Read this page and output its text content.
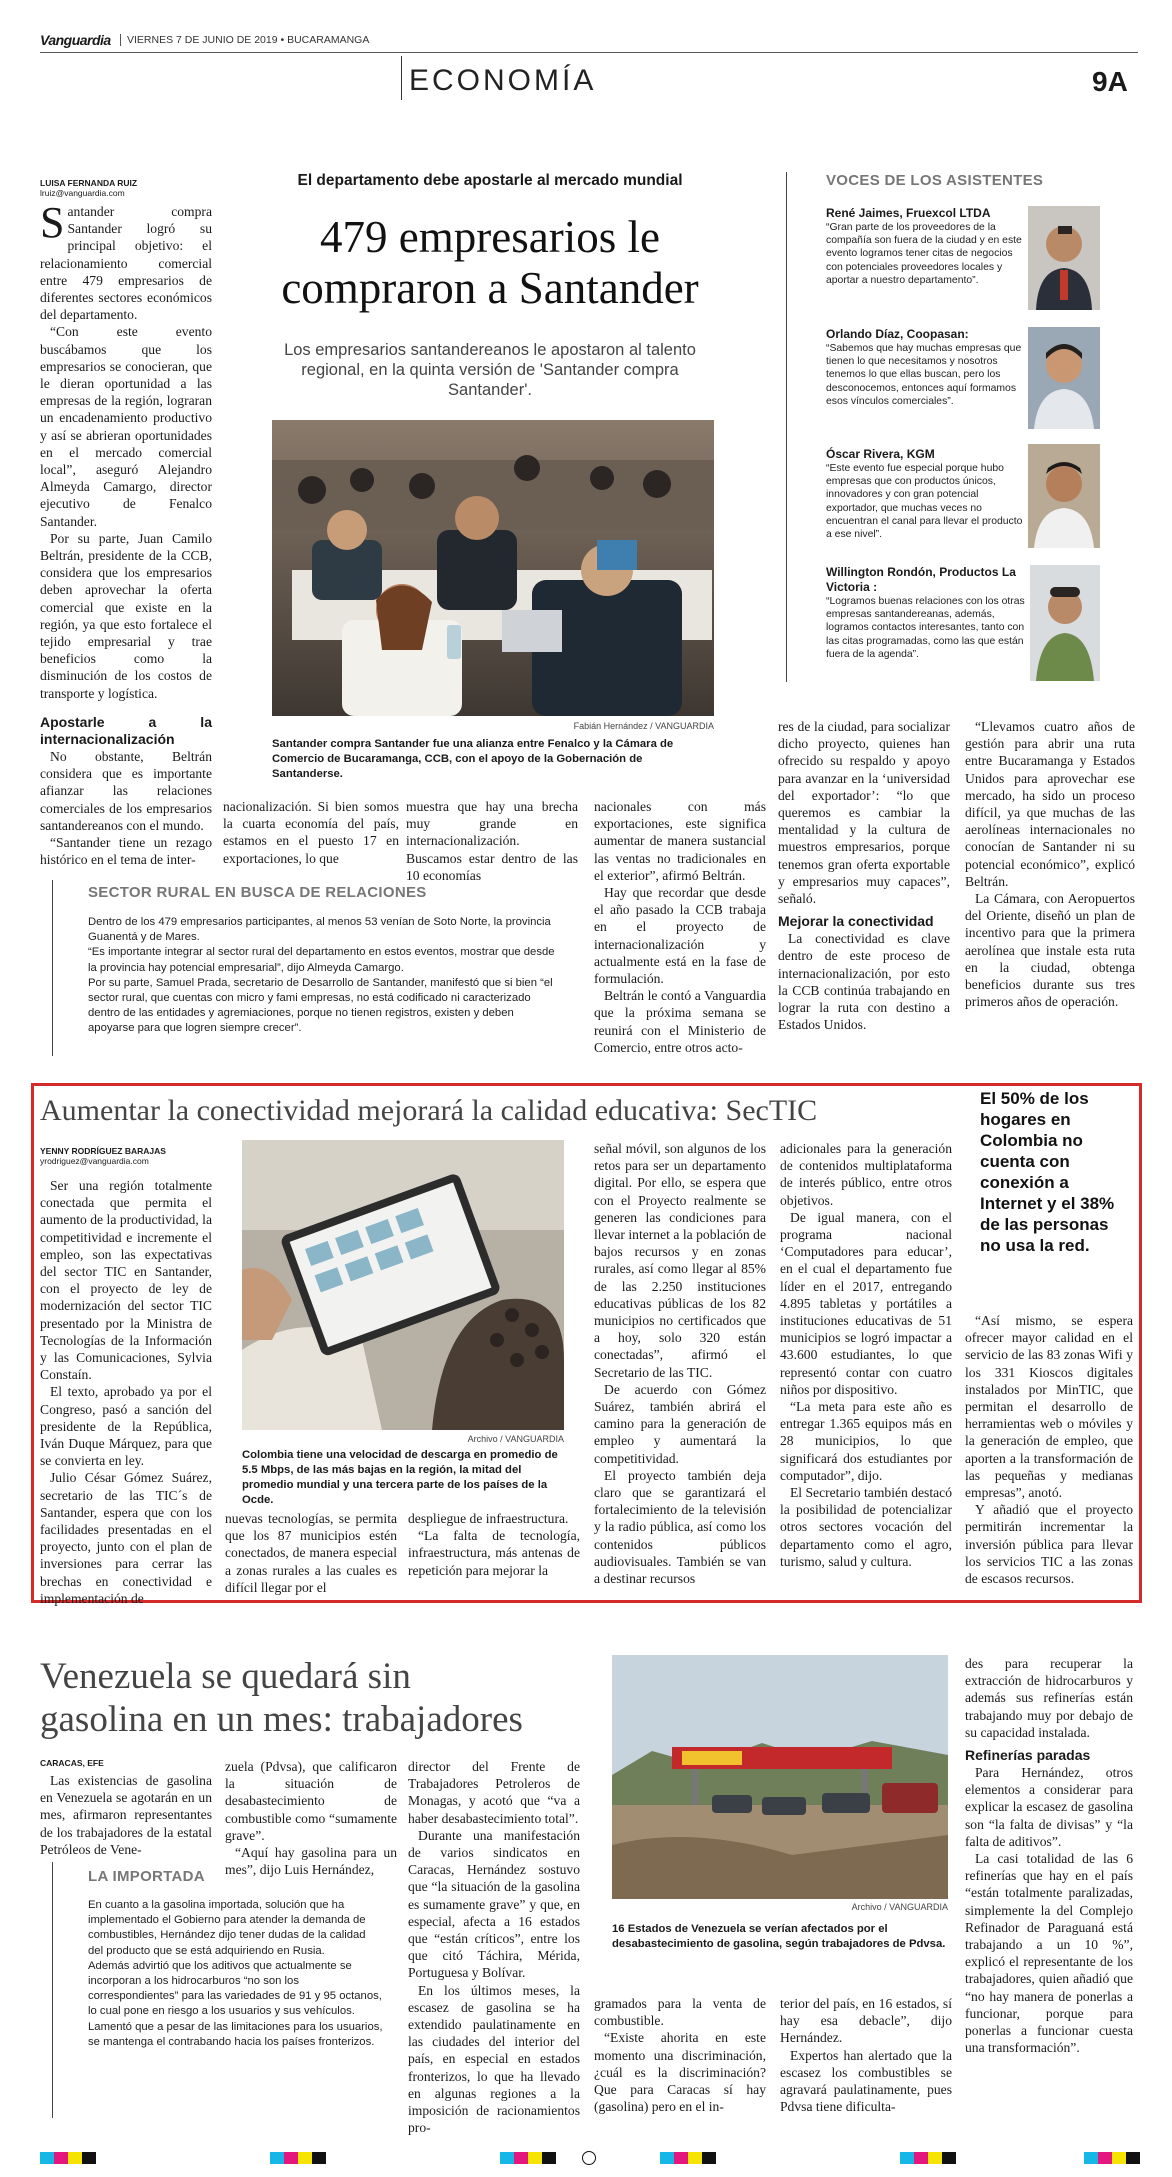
Vanguardia	VIERNES 7 DE JUNIO DE 2019 • BUCARAMANGA
ECONOMÍA	9A
LUISA FERNANDA RUIZ
lruiz@vanguardia.com
El departamento debe apostarle al mercado mundial
479 empresarios le
compraron a Santander
Los empresarios santandereanos le apostaron al talento regional, en la quinta versión de 'Santander compra Santander'.
Fabián Hernández / VANGUARDIA
Santander compra Santander fue una alianza entre Fenalco y la Cámara de Comercio de Bucaramanga, CCB, con el apoyo de la Gobernación de Santanderse.

Santander compra Santander logró su principal objetivo: el relacionamiento comercial entre 479 empresarios de diferentes sectores económicos del departamento.

“Con este evento buscábamos que los empresarios se conocieran, que le dieran oportunidad a las empresas de la región, lograran un encadenamiento productivo y así se abrieran oportunidades en el mercado comercial local”, aseguró Alejandro Almeyda Camargo, director ejecutivo de Fenalco Santander.

Por su parte, Juan Camilo Beltrán, presidente de la CCB, considera que los empresarios deben aprovechar la oferta comercial que existe en la región, ya que esto fortalece el tejido empresarial y trae beneficios como la disminución de los costos de transporte y logística.

Apostarle a la internacionalización

No obstante, Beltrán considera que es importante afianzar las relaciones comerciales de los empresarios santandereanos con el mundo.

“Santander tiene un rezago histórico en el tema de inter-

nacionalización. Si bien somos la cuarta economía del país, estamos en el puesto 17 en exportaciones, lo que

muestra que hay una brecha muy grande en internacionalización. Buscamos estar dentro de las 10 economías

nacionales con más exportaciones, este significa aumentar de manera sustancial las ventas no tradicionales en el exterior”, afirmó Beltrán.

Hay que recordar que desde el año pasado la CCB trabaja en el proyecto de internacionalización y actualmente está en la fase de formulación.

Beltrán le contó a Vanguardia que la próxima semana se reunirá con el Ministerio de Comercio, entre otros acto-

res de la ciudad, para socializar dicho proyecto, quienes han ofrecido su respaldo y apoyo para avanzar en la ‘universidad del exportador’: “lo que queremos es cambiar la mentalidad y la cultura de muestros empresarios, porque tenemos gran oferta exportable y empresarios muy capaces”, señaló.

Mejorar la conectividad

La conectividad es clave dentro de este proceso de internacionalización, por esto la CCB continúa trabajando en lograr la ruta con destino a Estados Unidos.

“Llevamos cuatro años de gestión para abrir una ruta entre Bucaramanga y Estados Unidos para aprovechar ese mercado, ha sido un proceso difícil, ya que muchas de las aerolíneas internacionales no conocían de Santander ni su potencial económico”, explicó Beltrán.

La Cámara, con Aeropuertos del Oriente, diseñó un plan de incentivo para que la primera aerolínea que instale esta ruta en la ciudad, obtenga beneficios durante sus tres primeros años de operación.

VOCES DE LOS ASISTENTES
René Jaimes, Fruexcol LTDA
“Gran parte de los proveedores de la compañía son fuera de la ciudad y en este evento logramos tener citas de negocios con potenciales proveedores locales y aportar a nuestro departamento”.
Orlando Díaz, Coopasan:
“Sabemos que hay muchas empresas que tienen lo que necesitamos y nosotros tenemos lo que ellas buscan, pero los desconocemos, entonces aquí formamos esos vínculos comerciales”.
Óscar Rivera, KGM
“Este evento fue especial porque hubo empresas que con productos únicos, innovadores y con gran potencial exportador, que muchas veces no encuentran el canal para llevar el producto a ese nivel”.
Willington Rondón, Productos La Victoria :
“Logramos buenas relaciones con los otras empresas santandereanas, además, logramos contactos interesantes, tanto con las citas programadas, como las que están fuera de la agenda”.
SECTOR RURAL EN BUSCA DE RELACIONES
Dentro de los 479 empresarios participantes, al menos 53 venían de Soto Norte, la provincia Guanentá y de Mares.
“Es importante integrar al sector rural del departamento en estos eventos, mostrar que desde la provincia hay potencial empresarial”, dijo Almeyda Camargo.
Por su parte, Samuel Prada, secretario de Desarrollo de Santander, manifestó que si bien “el sector rural, que cuentas con micro y fami empresas, no está codificado ni caracterizado dentro de las entidades y agremiaciones, porque no tienen registros, existen y deben apoyarse para que logren siempre crecer”.
Aumentar la conectividad mejorará la calidad educativa: SecTIC
YENNY RODRÍGUEZ BARAJAS
yrodriguez@vanguardia.com
El 50% de los hogares en Colombia no cuenta con conexión a Internet y el 38% de las personas no usa la red.
Archivo / VANGUARDIA
Colombia tiene una velocidad de descarga en promedio de 5.5 Mbps, de las más bajas en la región, la mitad del promedio mundial y una tercera parte de los países de la Ocde.

Ser una región totalmente conectada que permita el aumento de la productividad, la competitividad e incremente el empleo, son las expectativas del sector TIC en Santander, con el proyecto de ley de modernización del sector TIC presentado por la Ministra de Tecnologías de la Información y las Comunicaciones, Sylvia Constaín.

El texto, aprobado ya por el Congreso, pasó a sanción del presidente de la República, Iván Duque Márquez, para que se convierta en ley.

Julio César Gómez Suárez, secretario de las TIC´s de Santander, espera que con los facilidades presentadas en el proyecto, junto con el plan de inversiones para cerrar las brechas en conectividad e implementación de

nuevas tecnologías, se permita que los 87 municipios estén conectados, de manera especial a zonas rurales a las cuales es difícil llegar por el

despliegue de infraestructura.

“La falta de tecnología, infraestructura, más antenas de repetición para mejorar la

señal móvil, son algunos de los retos para ser un departamento digital. Por ello, se espera que con el Proyecto realmente se generen las condiciones para llevar internet a la población de bajos recursos y en zonas rurales, así como llegar al 85% de las 2.250 instituciones educativas públicas de los 82 municipios no certificados que a hoy, solo 320 están conectadas”, afirmó el Secretario de las TIC.

De acuerdo con Gómez Suárez, también abrirá el camino para la generación de empleo y aumentará la competitividad.

El proyecto también deja claro que se garantizará el fortalecimiento de la televisión y la radio pública, así como los contenidos públicos audiovisuales. También se van a destinar recursos

adicionales para la generación de contenidos multiplataforma de interés público, entre otros objetivos.

De igual manera, con el programa nacional ‘Computadores para educar’, en el cual el departamento fue líder en el 2017, entregando 4.895 tabletas y portátiles a instituciones educativas de 51 municipios se logró impactar a 43.600 estudiantes, lo que representó contar con cuatro niños por dispositivo.

“La meta para este año es entregar 1.365 equipos más en 28 municipios, lo que significará dos estudiantes por computador”, dijo.

El Secretario también destacó la posibilidad de potencializar otros sectores vocación del departamento como el agro, turismo, salud y cultura.

“Así mismo, se espera ofrecer mayor calidad en el servicio de las 83 zonas Wifi y los 331 Kioscos digitales instalados por MinTIC, que permitan el desarrollo de herramientas web o móviles y la generación de empleo, que aporten a la transformación de las pequeñas y medianas empresas”, anotó.

Y añadió que el proyecto permitirán incrementar la inversión pública para llevar los servicios TIC a las zonas de escasos recursos.

Venezuela se quedará sin
gasolina en un mes: trabajadores
CARACAS, EFE
Archivo / VANGUARDIA
16 Estados de Venezuela se verían afectados por el desabastecimiento de gasolina, según trabajadores de Pdvsa.

Las existencias de gasolina en Venezuela se agotarán en un mes, afirmaron representantes de los trabajadores de la estatal Petróleos de Vene-

zuela (Pdvsa), que calificaron la situación de desabastecimiento de combustible como “sumamente grave”.

“Aquí hay gasolina para un mes”, dijo Luis Hernández,

director del Frente de Trabajadores Petroleros de Monagas, y acotó que “va a haber desabastecimiento total”.

Durante una manifestación de varios sindicatos en Caracas, Hernández sostuvo que “la situación de la gasolina es sumamente grave” y que, en especial, afecta a 16 estados que “están críticos”, entre los que citó Táchira, Mérida, Portuguesa y Bolívar.

En los últimos meses, la escasez de gasolina se ha extendido paulatinamente en las ciudades del interior del país, en especial en estados fronterizos, lo que ha llevado en algunas regiones a la imposición de racionamientos pro-

gramados para la venta de combustible.

“Existe ahorita en este momento una discriminación, ¿cuál es la discriminación? Que para Caracas sí hay (gasolina) pero en el in-

terior del país, en 16 estados, sí hay esa debacle”, dijo Hernández.

Expertos han alertado que la escasez los combustibles se agravará paulatinamente, pues Pdvsa tiene dificulta-

des para recuperar la extracción de hidrocarburos y además sus refinerías están trabajando muy por debajo de su capacidad instalada.

Refinerías paradas

Para Hernández, otros elementos a considerar para explicar la escasez de gasolina son “la falta de divisas” y “la falta de aditivos”.

La casi totalidad de las 6 refinerías que hay en el país “están totalmente paralizadas, simplemente la del Complejo Refinador de Paraguaná está trabajando a un 10 %”, explicó el representante de los trabajadores, quien añadió que “no hay manera de ponerlas a funcionar, porque para ponerlas a funcionar cuesta una transformación”.

LA IMPORTADA
En cuanto a la gasolina importada, solución que ha implementado el Gobierno para atender la demanda de combustibles, Hernández dijo tener dudas de la calidad del producto que se está adquiriendo en Rusia.
Además advirtió que los aditivos que actualmente se incorporan a los hidrocarburos “no son los correspondientes” para las variedades de 91 y 95 octanos, lo cual pone en riesgo a los usuarios y sus vehículos. Lamentó que a pesar de las limitaciones para los usuarios, se mantenga el contrabando hacia los países fronterizos.
